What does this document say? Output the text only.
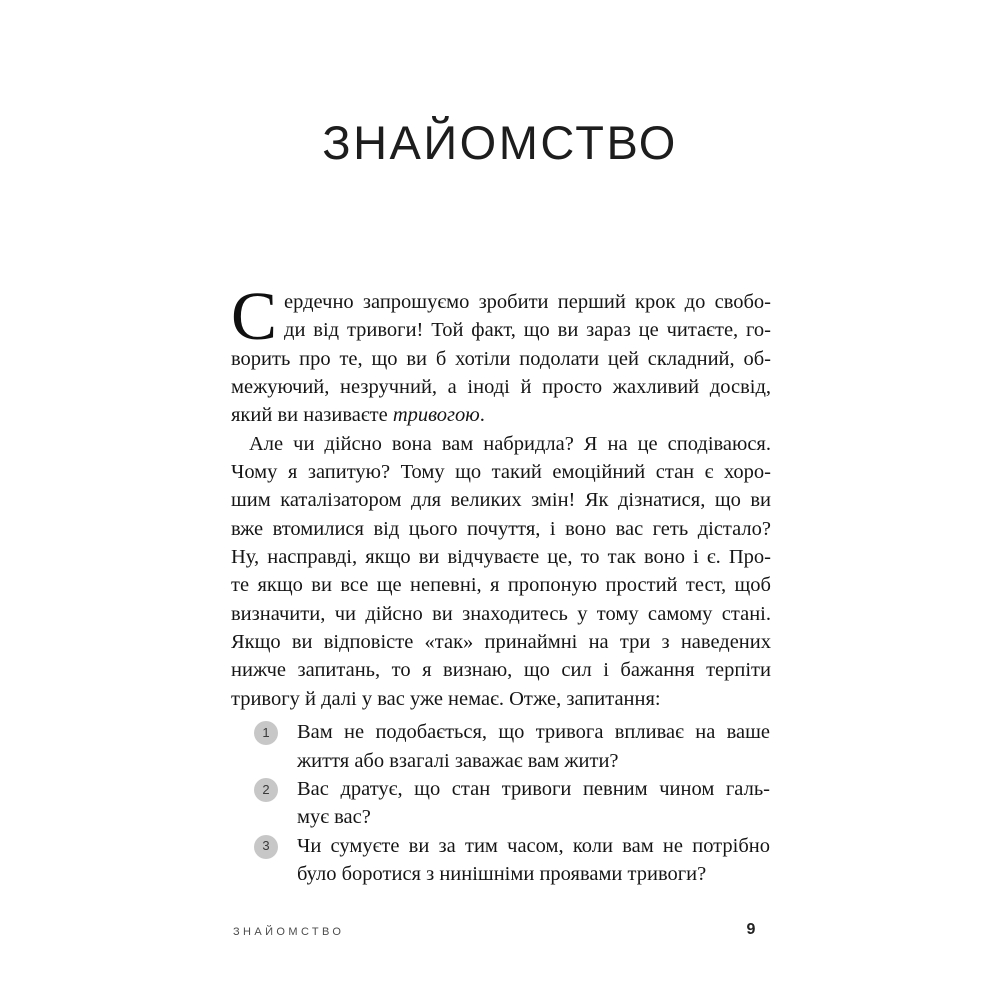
ЗНАЙОМСТВО
С ердечно запрошуємо зробити перший крок до свобо-
ди від тривоги! Той факт, що ви зараз це читаєте, го-
ворить про те, що ви б хотіли подолати цей складний, об-
межуючий, незручний, а іноді й просто жахливий досвід,
який ви називаєте тривогою.
Але чи дійсно вона вам набридла? Я на це сподіваюся.
Чому я запитую? Тому що такий емоційний стан є хоро-
шим каталізатором для великих змін! Як дізнатися, що ви
вже втомилися від цього почуття, і воно вас геть дістало?
Ну, насправді, якщо ви відчуваєте це, то так воно і є. Про-
те якщо ви все ще непевні, я пропоную простий тест, щоб
визначити, чи дійсно ви знаходитесь у тому самому стані.
Якщо ви відповісте «так» принаймні на три з наведених
нижче запитань, то я визнаю, що сил і бажання терпіти
тривогу й далі у вас уже немає. Отже, запитання:
1	Вам не подобається, що тривога впливає на ваше
життя або взагалі заважає вам жити?
2	Вас дратує, що стан тривоги певним чином галь-
мує вас?
3	Чи сумуєте ви за тим часом, коли вам не потрібно
було боротися з нинішніми проявами тривоги?
ЗНАЙОМСТВО	9
